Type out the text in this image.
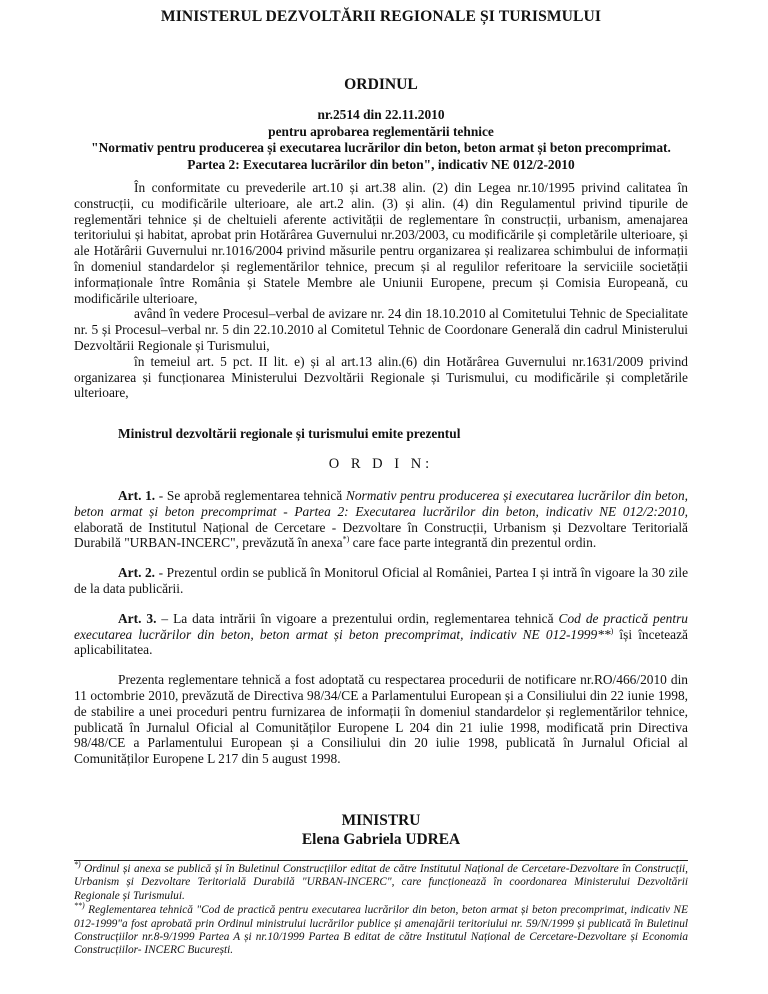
MINISTERUL DEZVOLTĂRII REGIONALE ȘI TURISMULUI
ORDINUL
nr.2514 din 22.11.2010
pentru aprobarea reglementării tehnice
"Normativ pentru producerea și executarea lucrărilor din beton, beton armat și beton precomprimat.
Partea 2: Executarea lucrărilor din beton", indicativ NE 012/2-2010

În conformitate cu prevederile art.10 și art.38 alin. (2) din Legea nr.10/1995 privind calitatea în construcții, cu modificările ulterioare, ale art.2 alin. (3) și alin. (4) din Regulamentul privind tipurile de reglementări tehnice și de cheltuieli aferente activității de reglementare în construcții, urbanism, amenajarea teritoriului și habitat, aprobat prin Hotărârea Guvernului nr.203/2003, cu modificările și completările ulterioare, și ale Hotărârii Guvernului nr.1016/2004 privind măsurile pentru organizarea și realizarea schimbului de informații în domeniul standardelor și reglementărilor tehnice, precum și al regulilor referitoare la serviciile societății informaționale între România și Statele Membre ale Uniunii Europene, precum și Comisia Europeană, cu modificările ulterioare,

având în vedere Procesul–verbal de avizare nr. 24 din 18.10.2010 al Comitetului Tehnic de Specialitate nr. 5 și Procesul–verbal nr. 5 din 22.10.2010 al Comitetul Tehnic de Coordonare Generală din cadrul Ministerului Dezvoltării Regionale și Turismului,

în temeiul art. 5 pct. II lit. e) și al art.13 alin.(6) din Hotărârea Guvernului nr.1631/2009 privind organizarea și funcționarea Ministerului Dezvoltării Regionale și Turismului, cu modificările și completările ulterioare,

Ministrul dezvoltării regionale și turismului emite prezentul
O R D I N:

Art. 1. - Se aprobă reglementarea tehnică Normativ pentru producerea și executarea lucrărilor din beton, beton armat și beton precomprimat - Partea 2: Executarea lucrărilor din beton, indicativ NE 012/2:2010, elaborată de Institutul Național de Cercetare - Dezvoltare în Construcții, Urbanism și Dezvoltare Teritorială Durabilă "URBAN-INCERC", prevăzută în anexa*) care face parte integrantă din prezentul ordin.

Art. 2. - Prezentul ordin se publică în Monitorul Oficial al României, Partea I și intră în vigoare la 30 zile de la data publicării.

Art. 3. – La data intrării în vigoare a prezentului ordin, reglementarea tehnică Cod de practică pentru executarea lucrărilor din beton, beton armat și beton precomprimat, indicativ NE 012-1999**) își încetează aplicabilitatea.

Prezenta reglementare tehnică a fost adoptată cu respectarea procedurii de notificare nr.RO/466/2010 din 11 octombrie 2010, prevăzută de Directiva 98/34/CE a Parlamentului European și a Consiliului din 22 iunie 1998, de stabilire a unei proceduri pentru furnizarea de informații în domeniul standardelor și reglementărilor tehnice, publicată în Jurnalul Oficial al Comunităților Europene L 204 din 21 iulie 1998, modificată prin Directiva 98/48/CE a Parlamentului European și a Consiliului din 20 iulie 1998, publicată în Jurnalul Oficial al Comunităților Europene L 217 din 5 august 1998.

MINISTRU
Elena Gabriela UDREA

*) Ordinul și anexa se publică și în Buletinul Construcțiilor editat de către Institutul Național de Cercetare-Dezvoltare în Construcții, Urbanism și Dezvoltare Teritorială Durabilă "URBAN-INCERC", care funcționează în coordonarea Ministerului Dezvoltării Regionale și Turismului.

**) Reglementarea tehnică "Cod de practică pentru executarea lucrărilor din beton, beton armat și beton precomprimat, indicativ NE 012-1999"a fost aprobată prin Ordinul ministrului lucrărilor publice și amenajării teritoriului nr. 59/N/1999 și publicată în Buletinul Construcțiilor nr.8-9/1999 Partea A și nr.10/1999 Partea B editat de către Institutul Național de Cercetare-Dezvoltare și Economia Construcțiilor- INCERC București.
